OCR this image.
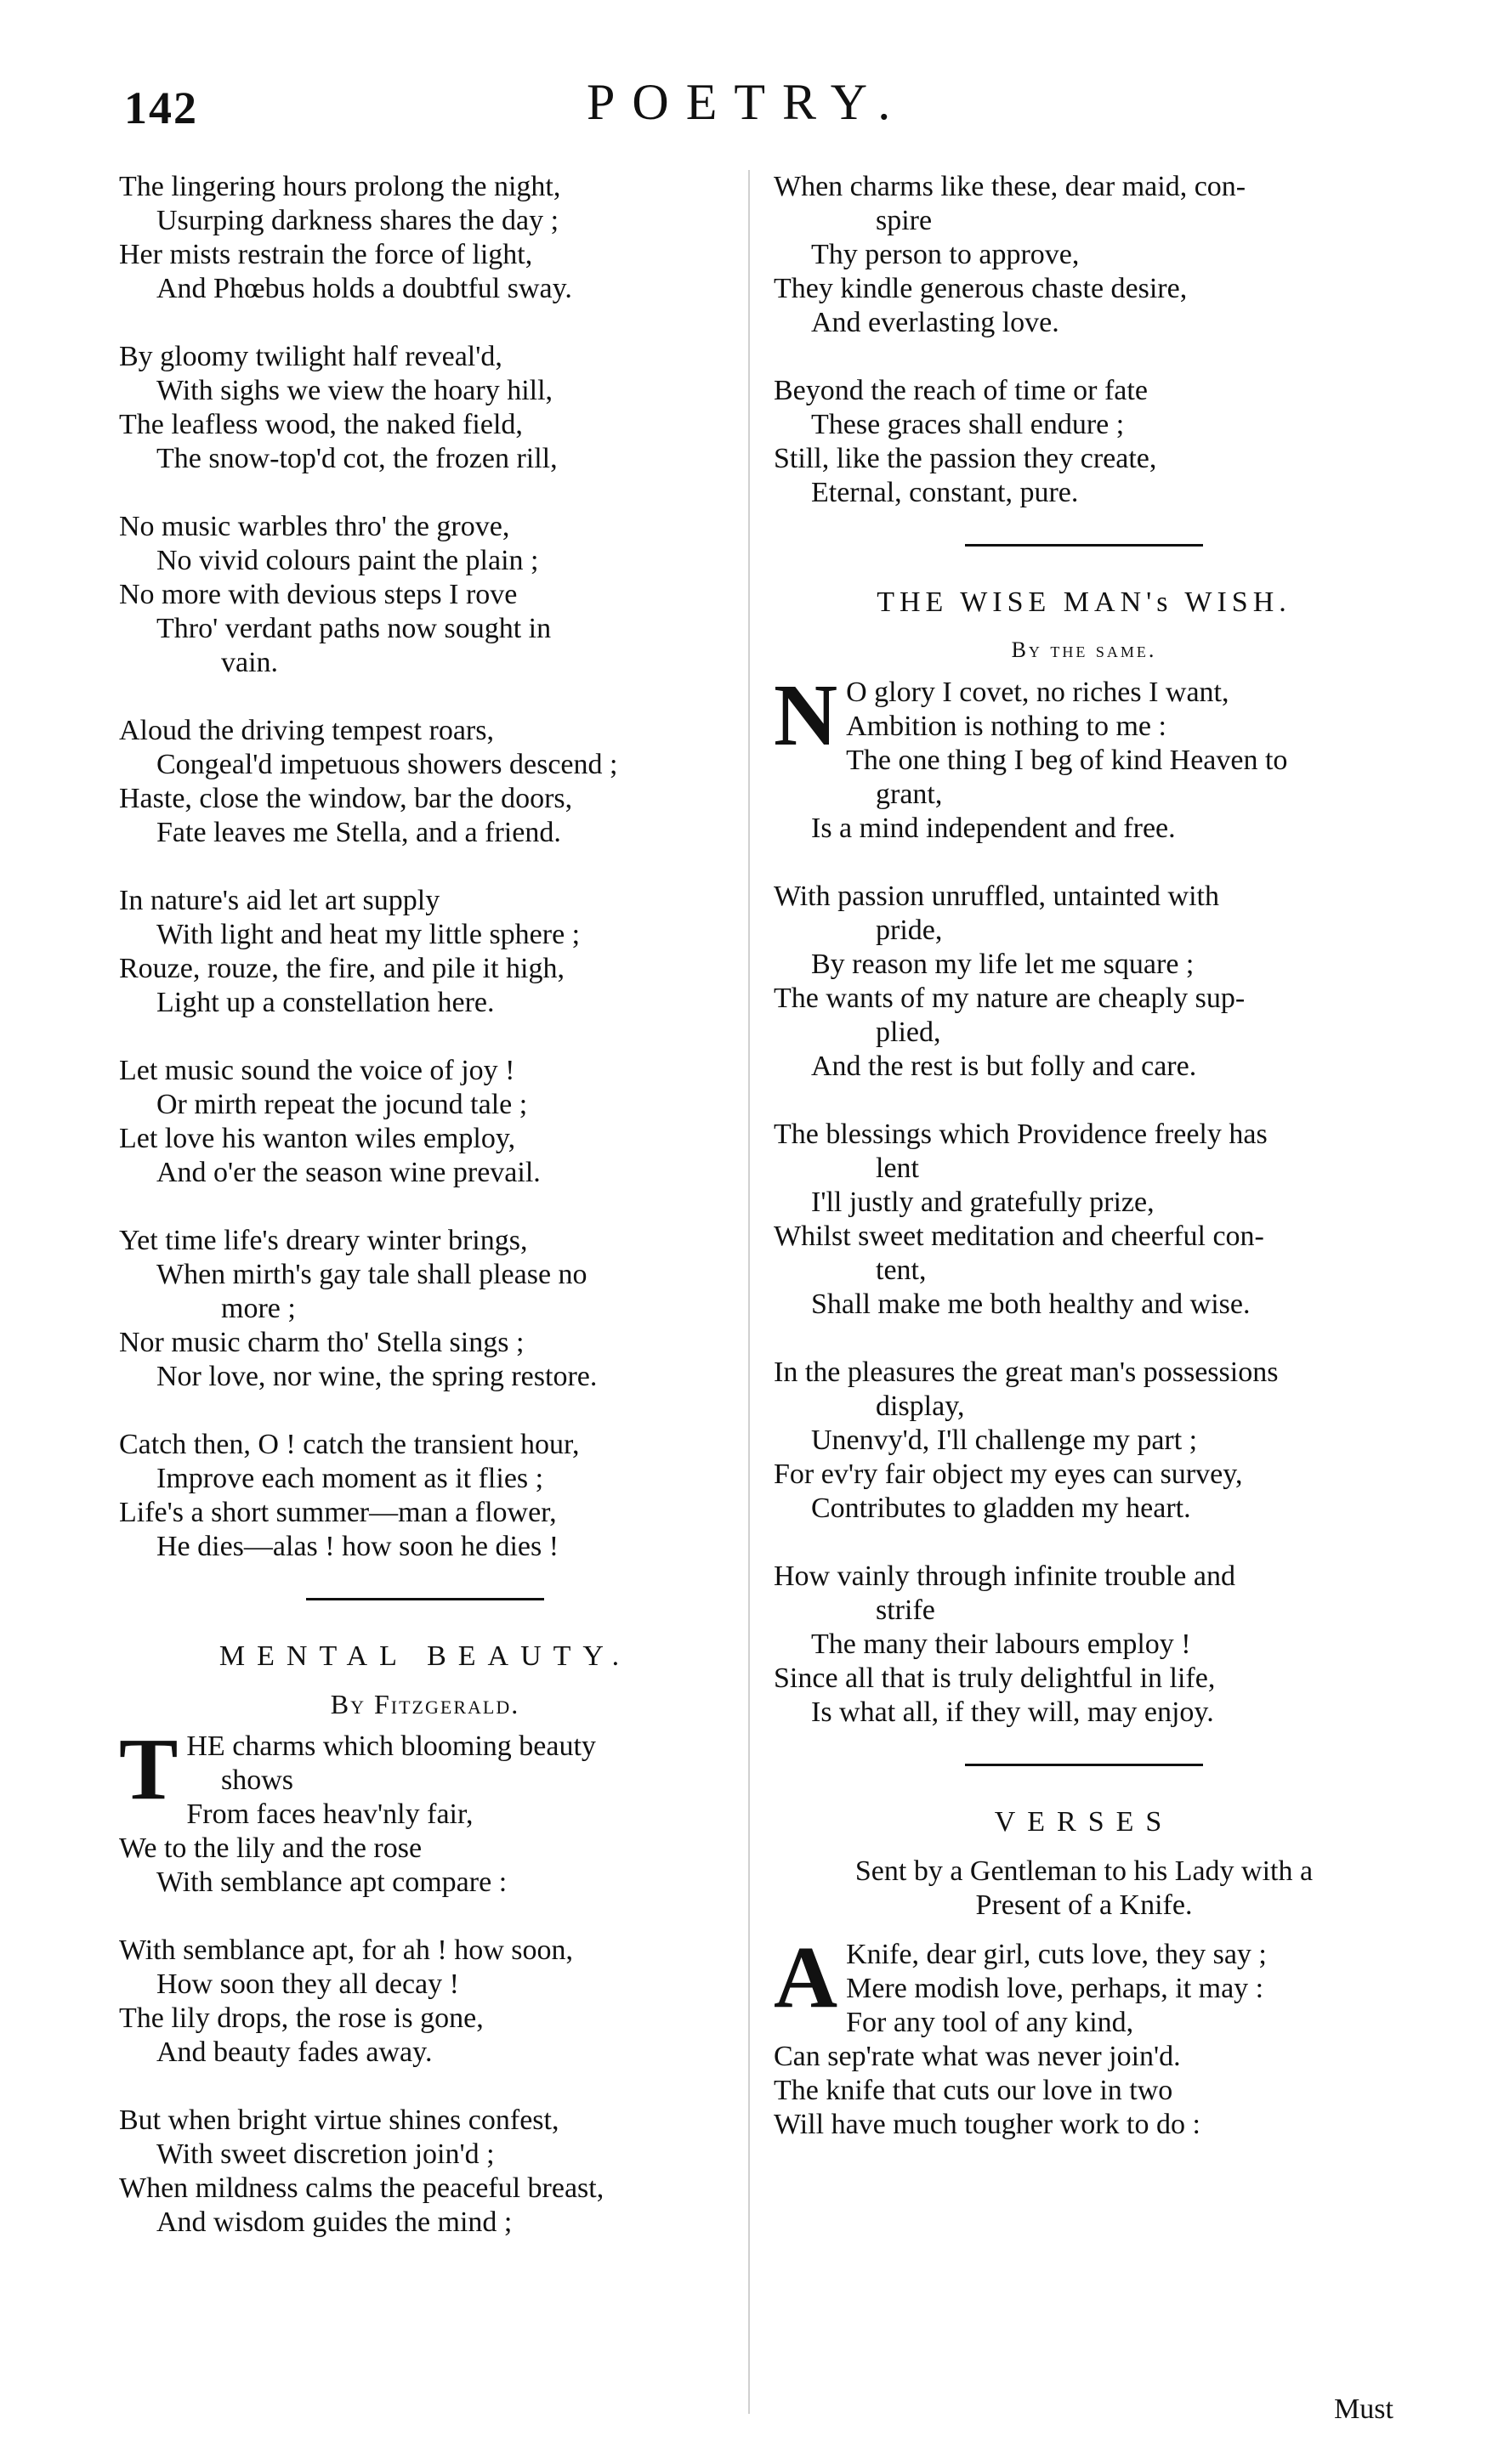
142	POETRY.
The lingering hours prolong the night,
Usurping darkness shares the day ;
Her mists restrain the force of light,
And Phœbus holds a doubtful sway.
By gloomy twilight half reveal'd,
With sighs we view the hoary hill,
The leafless wood, the naked field,
The snow-top'd cot, the frozen rill,
No music warbles thro' the grove,
No vivid colours paint the plain ;
No more with devious steps I rove
Thro' verdant paths now sought in
vain.
Aloud the driving tempest roars,
Congeal'd impetuous showers descend ;
Haste, close the window, bar the doors,
Fate leaves me Stella, and a friend.
In nature's aid let art supply
With light and heat my little sphere ;
Rouze, rouze, the fire, and pile it high,
Light up a constellation here.
Let music sound the voice of joy !
Or mirth repeat the jocund tale ;
Let love his wanton wiles employ,
And o'er the season wine prevail.
Yet time life's dreary winter brings,
When mirth's gay tale shall please no
more ;
Nor music charm tho' Stella sings ;
Nor love, nor wine, the spring restore.
Catch then, O ! catch the transient hour,
Improve each moment as it flies ;
Life's a short summer—man a flower,
He dies—alas ! how soon he dies !
MENTAL BEAUTY.
By Fitzgerald.
T HE charms which blooming beauty
shows
From faces heav'nly fair,
We to the lily and the rose
With semblance apt compare :
With semblance apt, for ah ! how soon,
How soon they all decay !
The lily drops, the rose is gone,
And beauty fades away.
But when bright virtue shines confest,
With sweet discretion join'd ;
When mildness calms the peaceful breast,
And wisdom guides the mind ;
When charms like these, dear maid, con-
spire
Thy person to approve,
They kindle generous chaste desire,
And everlasting love.
Beyond the reach of time or fate
These graces shall endure ;
Still, like the passion they create,
Eternal, constant, pure.
THE WISE MAN's WISH.
By the same.
N O glory I covet, no riches I want,
Ambition is nothing to me :
The one thing I beg of kind Heaven to
grant,
Is a mind independent and free.
With passion unruffled, untainted with
pride,
By reason my life let me square ;
The wants of my nature are cheaply sup-
plied,
And the rest is but folly and care.
The blessings which Providence freely has
lent
I'll justly and gratefully prize,
Whilst sweet meditation and cheerful con-
tent,
Shall make me both healthy and wise.
In the pleasures the great man's possessions
display,
Unenvy'd, I'll challenge my part ;
For ev'ry fair object my eyes can survey,
Contributes to gladden my heart.
How vainly through infinite trouble and
strife
The many their labours employ !
Since all that is truly delightful in life,
Is what all, if they will, may enjoy.
VERSES
Sent by a Gentleman to his Lady with a
Present of a Knife.
A Knife, dear girl, cuts love, they say ;
Mere modish love, perhaps, it may :
For any tool of any kind,
Can sep'rate what was never join'd.
The knife that cuts our love in two
Will have much tougher work to do :
Must
